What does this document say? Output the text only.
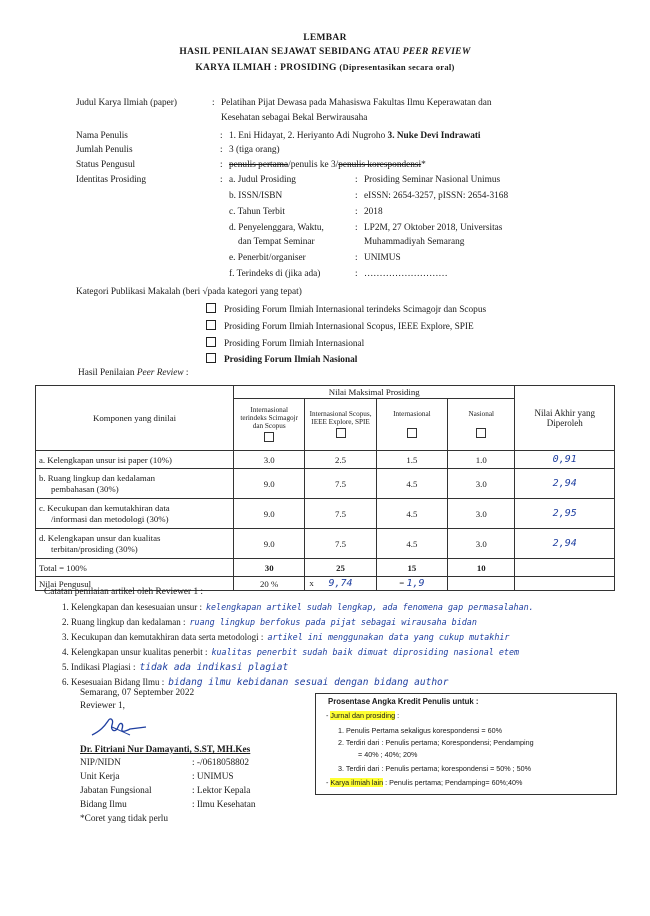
LEMBAR
HASIL PENILAIAN SEJAWAT SEBIDANG ATAU PEER REVIEW
KARYA ILMIAH : PROSIDING (Dipresentasikan secara oral)
Judul Karya Ilmiah (paper)	: Pelatihan Pijat Dewasa pada Mahasiswa Fakultas Ilmu Keperawatan dan
Kesehatan sebagai Bekal Berwirausaha
Nama Penulis	: 1. Eni Hidayat, 2. Heriyanto Adi Nugroho 3. Nuke Devi Indrawati
Jumlah Penulis	: 3 (tiga orang)
Status Pengusul	: penulis pertama/penulis ke 3/penulis korespondensi*
Identitas Prosiding	: a. Judul Prosiding	: Prosiding Seminar Nasional Unimus
b. ISSN/ISBN	: eISSN: 2654-3257, pISSN: 2654-3168
c. Tahun Terbit	: 2018
d. Penyelenggara, Waktu,	: LP2M, 27 Oktober 2018, Universitas
dan Tempat Seminar	Muhammadiyah Semarang
e. Penerbit/organiser	: UNIMUS
f. Terindeks di (jika ada)	: ………………………
Kategori Publikasi Makalah (beri √pada kategori yang tepat)
Prosiding Forum Ilmiah Internasional terindeks Scimagojr dan Scopus
Prosiding Forum Ilmiah Internasional Scopus, IEEE Explore, SPIE
Prosiding Forum Ilmiah Internasional
Prosiding Forum Ilmiah Nasional
Hasil Penilaian Peer Review :
Komponen yang dinilai	Nilai Maksimal Prosiding				Nilai Akhir yang Diperoleh

	Internasional terindeks Scimagojr dan Scopus	Internasional Scopus, IEEE Explore, SPIE	Internasional	Nasional	

a. Kelengkapan unsur isi paper (10%)	3.0	2.5	1.5	1.0	0,91

b. Ruang lingkup dan kedalaman
pembahasan (30%)	9.0	7.5	4.5	3.0	2,94

c. Kecukupan dan kemutakhiran data
/informasi dan metodologi (30%)	9.0	7.5	4.5	3.0	2,95

d. Kelengkapan unsur dan kualitas
terbitan/prosiding (30%)	9.0	7.5	4.5	3.0	2,94
Total = 100%	30	25	15	10	
Nilai Pengusul	20 %	x 9,74	= 1,9		
Catatan penilaian artikel oleh Reviewer 1 :
1. Kelengkapan dan kesesuaian unsur : kelengkapan artikel sudah lengkap, ada fenomena gap permasalahan.
2. Ruang lingkup dan kedalaman : ruang lingkup berfokus pada pijat sebagai wirausaha bidan
3. Kecukupan dan kemutakhiran data serta metodologi : artikel ini menggunakan data yang cukup mutakhir
4. Kelengkapan unsur kualitas penerbit : kualitas penerbit sudah baik dimuat diprosiding nasional etem
5. Indikasi Plagiasi : tidak ada indikasi plagiat
6. Kesesuaian Bidang Ilmu : bidang ilmu kebidanan sesuai dengan bidang author
Semarang, 07 September 2022
Reviewer 1,
Dr. Fitriani Nur Damayanti, S.ST, MH.Kes
NIP/NIDN	: -/0618058802
Unit Kerja	: UNIMUS
Jabatan Fungsional	: Lektor Kepala
Bidang Ilmu	: Ilmu Kesehatan
*Coret yang tidak perlu
Prosentase Angka Kredit Penulis untuk :
- Jurnal dan prosiding :
1. Penulis Pertama sekaligus korespondensi = 60%
2. Terdiri dari : Penulis pertama; Korespondensi; Pendamping
= 40% ; 40%; 20%
3. Terdiri dari : Penulis pertama; korespondensi = 50% ; 50%
- Karya ilmiah lain : Penulis pertama; Pendamping= 60%;40%
